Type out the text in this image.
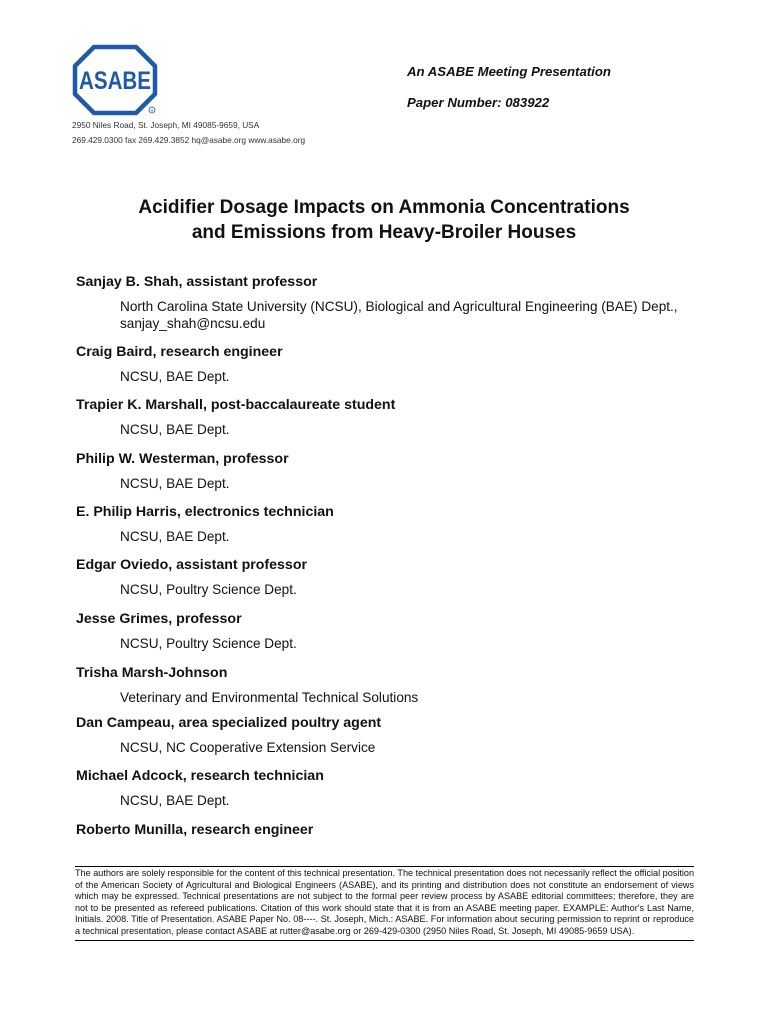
ASABE
R
2950 Niles Road, St. Joseph, MI 49085-9659, USA
269.429.0300 fax 269.429.3852 hq@asabe.org www.asabe.org
An ASABE Meeting Presentation
Paper Number: 083922
Acidifier Dosage Impacts on Ammonia Concentrations
and Emissions from Heavy-Broiler Houses
Sanjay B. Shah, assistant professor
North Carolina State University (NCSU), Biological and Agricultural Engineering (BAE) Dept., sanjay_shah@ncsu.edu
Craig Baird, research engineer
NCSU, BAE Dept.
Trapier K. Marshall, post-baccalaureate student
NCSU, BAE Dept.
Philip W. Westerman, professor
NCSU, BAE Dept.
E. Philip Harris, electronics technician
NCSU, BAE Dept.
Edgar Oviedo, assistant professor
NCSU, Poultry Science Dept.
Jesse Grimes, professor
NCSU, Poultry Science Dept.
Trisha Marsh-Johnson
Veterinary and Environmental Technical Solutions
Dan Campeau, area specialized poultry agent
NCSU, NC Cooperative Extension Service
Michael Adcock, research technician
NCSU, BAE Dept.
Roberto Munilla, research engineer
The authors are solely responsible for the content of this technical presentation. The technical presentation does not necessarily reflect the official position of the American Society of Agricultural and Biological Engineers (ASABE), and its printing and distribution does not constitute an endorsement of views which may be expressed. Technical presentations are not subject to the formal peer review process by ASABE editorial committees; therefore, they are not to be presented as refereed publications. Citation of this work should state that it is from an ASABE meeting paper. EXAMPLE: Author's Last Name, Initials. 2008. Title of Presentation. ASABE Paper No. 08----. St. Joseph, Mich.: ASABE. For information about securing permission to reprint or reproduce a technical presentation, please contact ASABE at rutter@asabe.org or 269-429-0300 (2950 Niles Road, St. Joseph, MI 49085-9659 USA).
